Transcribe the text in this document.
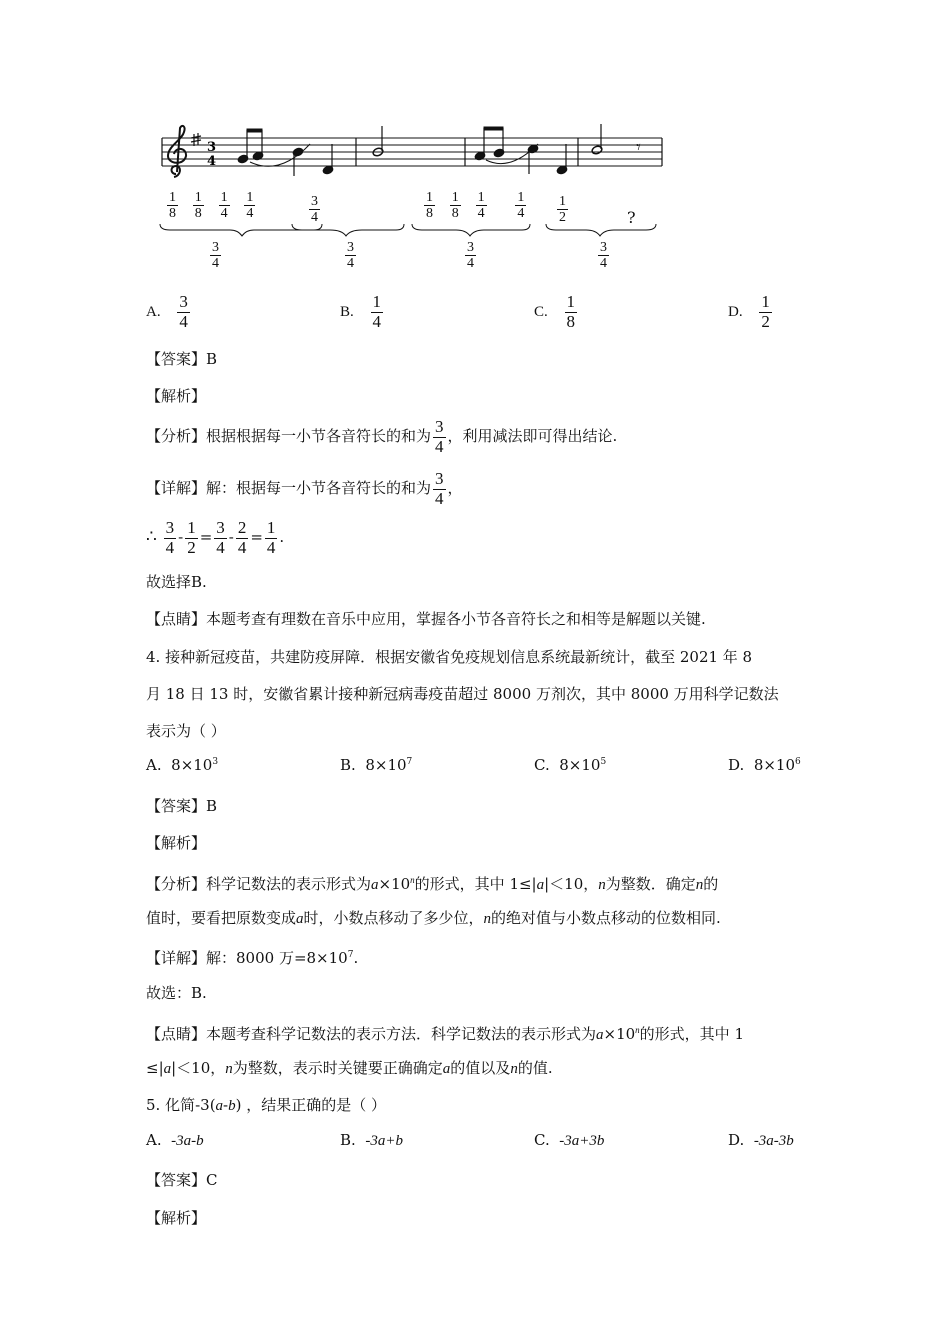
3
4
𝄾
$\frac{1}{8}$
$\frac{1}{8}$
$\frac{1}{4}$
$\frac{1}{4}$
$\frac{3}{4}$
$\frac{3}{4}$
$\frac{3}{4}$
$\frac{1}{8}$
$\frac{1}{8}$
$\frac{1}{4}$
$\frac{1}{4}$
$\frac{3}{4}$
$\frac{1}{2}$	?
$\frac{3}{4}$
A. $\frac{3}{4}$	B. $\frac{1}{4}$	C. $\frac{1}{8}$	D. $\frac{1}{2}$
【答案】B
【解析】
【分析】根据根据每一小节各音符长的和为 $\frac{3}{4}$ ，利用减法即可得出结论.
【详解】解：根据每一小节各音符长的和为 $\frac{3}{4}$ ，
∴ $\frac{3}{4} - \frac{1}{2} = \frac{3}{4} - \frac{2}{4} = \frac{1}{4}$ .
故选择B.
【点睛】本题考查有理数在音乐中应用，掌握各小节各音符长之和相等是解题以关键.
4. 接种新冠疫苗，共建防疫屏障．根据安徽省免疫规划信息系统最新统计，截至 2021 年 8
月 18 日 13 时，安徽省累计接种新冠病毒疫苗超过 8000 万剂次，其中 8000 万用科学记数法
表示为（ ）
A. $8\times 10^3$	B. $8\times 10^7$	C. $8\times 10^5$	D. $8\times 10^6$
【答案】B
【解析】
【分析】科学记数法的表示形式为$a\times 10^n$的形式，其中 1≤|a|＜10，n为整数．确定n的
值时，要看把原数变成a时，小数点移动了多少位，n的绝对值与小数点移动的位数相同.
【详解】解：8000 万$=8\times 10^7$.
故选：B.
【点睛】本题考查科学记数法的表示方法．科学记数法的表示形式为$a\times 10^n$的形式，其中 1
≤|a|＜10，n为整数，表示时关键要正确确定a的值以及n的值.
5. 化简-3(a-b) ，结果正确的是（ ）
A. -3a-b	B. -3a+b	C. -3a+3b	D. -3a-3b
【答案】C
【解析】
